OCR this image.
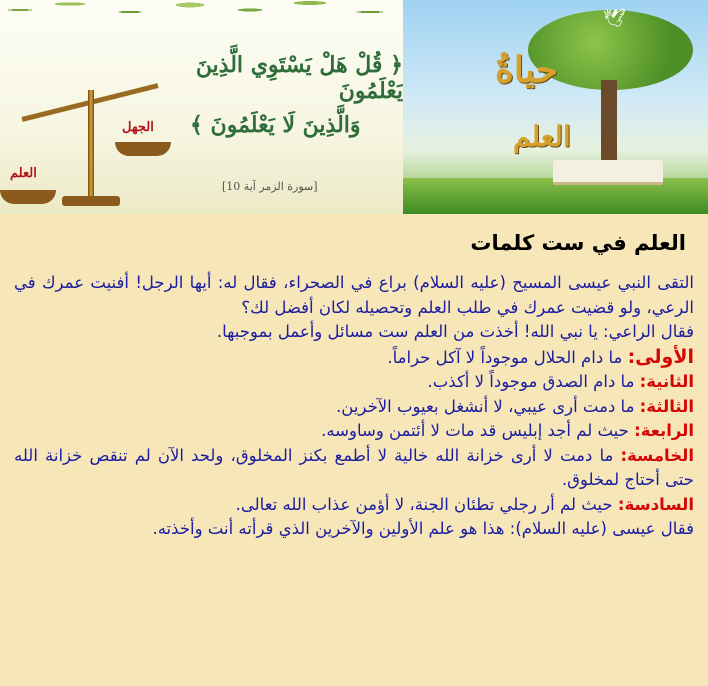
﴿ قُلْ هَلْ يَسْتَوِي الَّذِينَ يَعْلَمُونَ
وَالَّذِينَ لَا يَعْلَمُونَ ﴾
[سورة الزمر آية 10]
العلم
الجهل
🕊
حياةُ
العلم
العلم في ست كلمات

التقى النبي عيسى المسيح (عليه السلام) براع في الصحراء، فقال له: أيها الرجل! أفنيت عمرك في الرعي، ولو قضيت عمرك في طلب العلم وتحصيله لكان أفضل لك؟

فقال الراعي: يا نبي الله! أخذت من العلم ست مسائل وأعمل بموجبها.

الأولى: ما دام الحلال موجوداً لا آكل حراماً.

الثانية: ما دام الصدق موجوداً لا أكذب.

الثالثة: ما دمت أرى عيبي، لا أنشغل بعيوب الآخرين.

الرابعة: حيث لم أجد إبليس قد مات لا أئتمن وساوسه.

الخامسة: ما دمت لا أرى خزانة الله خالية لا أطمع بكنز المخلوق، ولحد الآن لم تنقص خزانة الله حتى أحتاج لمخلوق.

السادسة: حيث لم أر رجلي تطئان الجنة، لا أؤمن عذاب الله تعالى.

فقال عيسى (عليه السلام): هذا هو علم الأولين والآخرين الذي قرأته أنت وأخذته.
